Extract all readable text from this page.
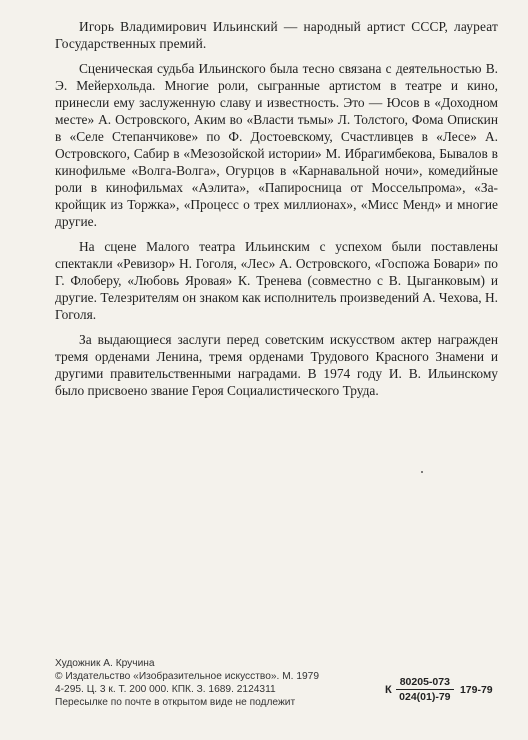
Игорь Владимирович Ильинский — народный артист СССР, лауреат Государственных премий.

Сценическая судьба Ильинского была тесно связана с деятельностью В. Э. Мейерхольда. Многие роли, сыгранные артистом в театре и кино, принесли ему заслуженную славу и известность. Это — Юсов в «Доходном месте» А. Островского, Аким во «Власти тьмы» Л. Толстого, Фома Опискин в «Селе Степанчикове» по Ф. Достоевскому, Счастливцев в «Лесе» А. Островского, Сабир в «Мезозойской истории» М. Ибрагимбекова, Бывалов в кинофильме «Волга-Волга», Огурцов в «Карнавальной ночи», комедийные роли в кинофильмах «Аэлита», «Папиросница от Моссельпрома», «Закройщик из Торжка», «Процесс о трех миллионах», «Мисс Менд» и многие другие.

На сцене Малого театра Ильинским с успехом были поставлены спектакли «Ревизор» Н. Гоголя, «Лес» А. Островского, «Госпожа Бовари» по Г. Флоберу, «Любовь Яровая» К. Тренева (совместно с В. Цыганковым) и другие. Телезрителям он знаком как исполнитель произведений А. Чехова, Н. Гоголя.

За выдающиеся заслуги перед советским искусством актер награжден тремя орденами Ленина, тремя орденами Трудового Красного Знамени и другими правительственными наградами. В 1974 году И. В. Ильинскому было присвоено звание Героя Социалистического Труда.

Художник А. Кручина
© Издательство «Изобразительное искусство». М. 1979
4-295. Ц. 3 к. Т. 200 000. КПК. З. 1689. 2124311
Пересылке по почте в открытом виде не подлежит
К $\frac{80205-073}{024(01)-79} 179-79$
